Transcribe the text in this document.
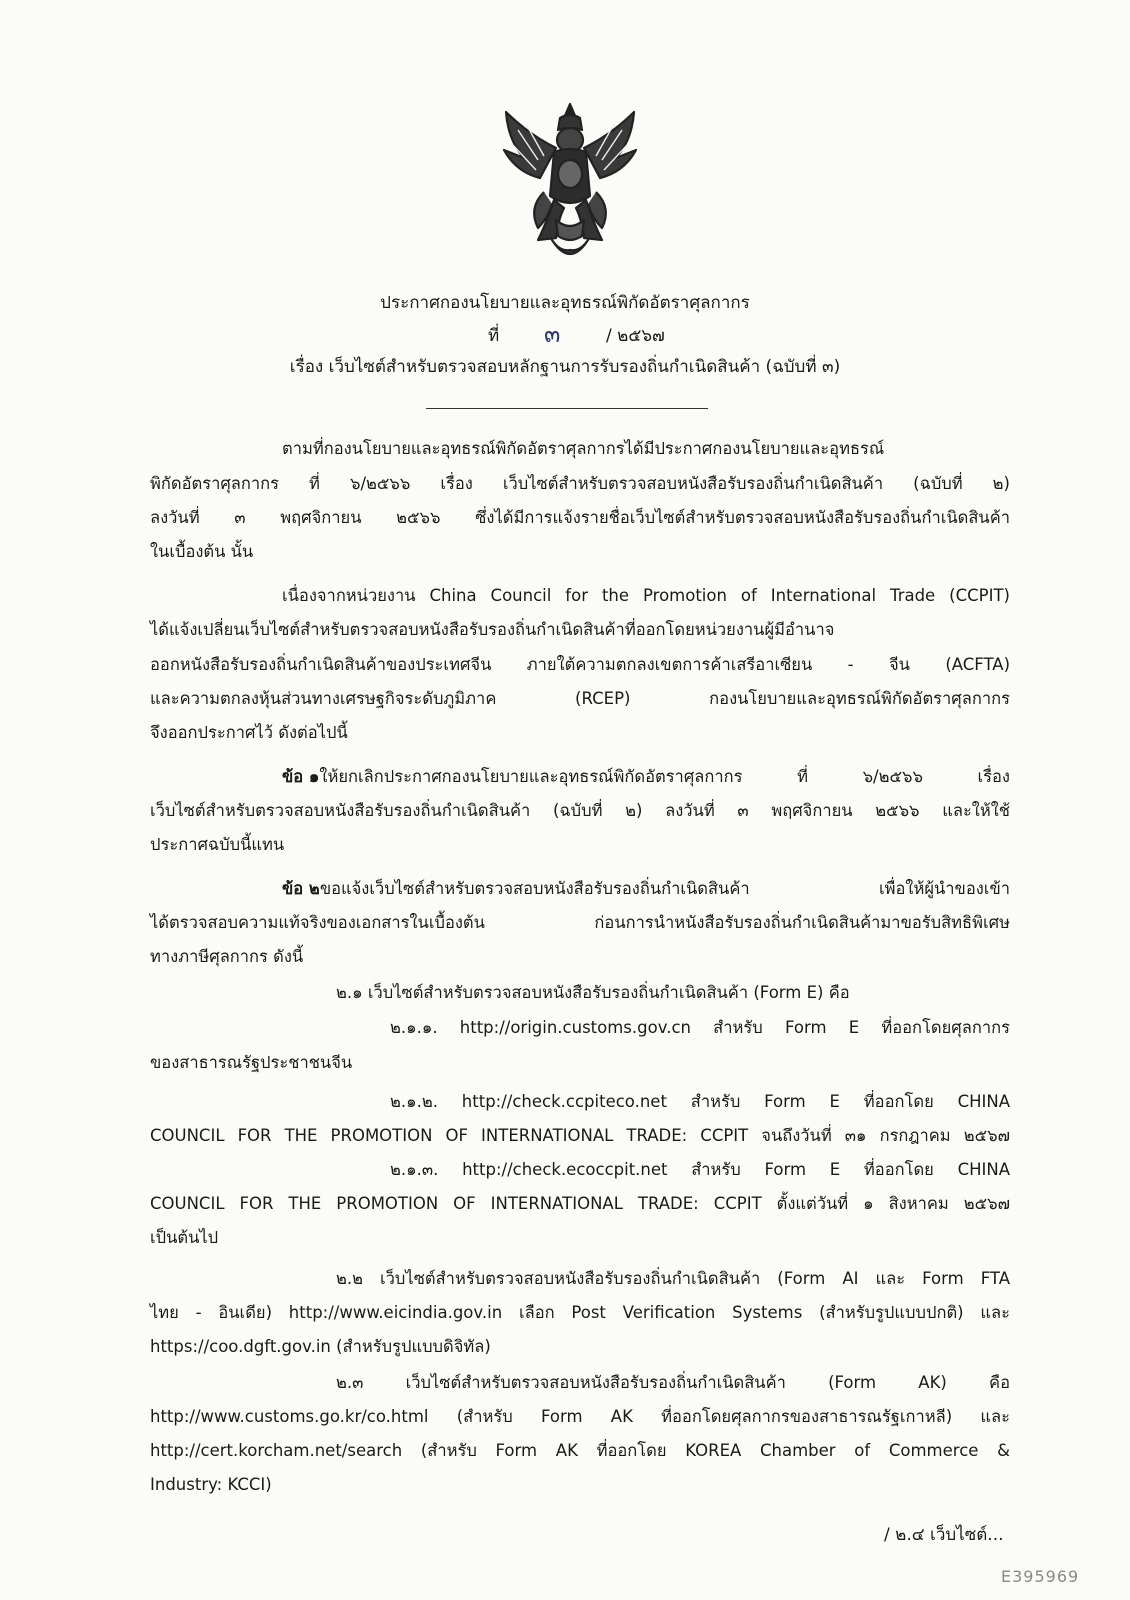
ประกาศกองนโยบายและอุทธรณ์พิกัดอัตราศุลกากร
ที่ ๓	/ ๒๕๖๗
เรื่อง เว็บไซต์สำหรับตรวจสอบหลักฐานการรับรองถิ่นกำเนิดสินค้า (ฉบับที่ ๓)
ตามที่กองนโยบายและอุทธรณ์พิกัดอัตราศุลกากรได้มีประกาศกองนโยบายและอุทธรณ์
พิกัดอัตราศุลกากร ที่ ๖/๒๕๖๖ เรื่อง เว็บไซต์สำหรับตรวจสอบหนังสือรับรองถิ่นกำเนิดสินค้า (ฉบับที่ ๒)
ลงวันที่ ๓ พฤศจิกายน ๒๕๖๖ ซึ่งได้มีการแจ้งรายชื่อเว็บไซต์สำหรับตรวจสอบหนังสือรับรองถิ่นกำเนิดสินค้า
ในเบื้องต้น นั้น
เนื่องจากหน่วยงาน China Council for the Promotion of International Trade (CCPIT)
ได้แจ้งเปลี่ยนเว็บไซต์สำหรับตรวจสอบหนังสือรับรองถิ่นกำเนิดสินค้าที่ออกโดยหน่วยงานผู้มีอำนาจ
ออกหนังสือรับรองถิ่นกำเนิดสินค้าของประเทศจีน ภายใต้ความตกลงเขตการค้าเสรีอาเซียน - จีน (ACFTA)
และความตกลงหุ้นส่วนทางเศรษฐกิจระดับภูมิภาค (RCEP) กองนโยบายและอุทธรณ์พิกัดอัตราศุลกากร
จึงออกประกาศไว้ ดังต่อไปนี้
ข้อ ๑ ให้ยกเลิกประกาศกองนโยบายและอุทธรณ์พิกัดอัตราศุลกากร ที่ ๖/๒๕๖๖ เรื่อง
เว็บไซต์สำหรับตรวจสอบหนังสือรับรองถิ่นกำเนิดสินค้า (ฉบับที่ ๒) ลงวันที่ ๓ พฤศจิกายน ๒๕๖๖ และให้ใช้
ประกาศฉบับนี้แทน
ข้อ ๒ ขอแจ้งเว็บไซต์สำหรับตรวจสอบหนังสือรับรองถิ่นกำเนิดสินค้า เพื่อให้ผู้นำของเข้า
ได้ตรวจสอบความแท้จริงของเอกสารในเบื้องต้น ก่อนการนำหนังสือรับรองถิ่นกำเนิดสินค้ามาขอรับสิทธิพิเศษ
ทางภาษีศุลกากร ดังนี้
๒.๑ เว็บไซต์สำหรับตรวจสอบหนังสือรับรองถิ่นกำเนิดสินค้า (Form E) คือ
๒.๑.๑. http://origin.customs.gov.cn สำหรับ Form E ที่ออกโดยศุลกากร
ของสาธารณรัฐประชาชนจีน
๒.๑.๒. http://check.ccpiteco.net สำหรับ Form E ที่ออกโดย CHINA
COUNCIL FOR THE PROMOTION OF INTERNATIONAL TRADE: CCPIT จนถึงวันที่ ๓๑ กรกฎาคม ๒๕๖๗
๒.๑.๓. http://check.ecoccpit.net สำหรับ Form E ที่ออกโดย CHINA
COUNCIL FOR THE PROMOTION OF INTERNATIONAL TRADE: CCPIT ตั้งแต่วันที่ ๑ สิงหาคม ๒๕๖๗
เป็นต้นไป
๒.๒ เว็บไซต์สำหรับตรวจสอบหนังสือรับรองถิ่นกำเนิดสินค้า (Form AI และ Form FTA
ไทย - อินเดีย) http://www.eicindia.gov.in เลือก Post Verification Systems (สำหรับรูปแบบปกติ) และ
https://coo.dgft.gov.in (สำหรับรูปแบบดิจิทัล)
๒.๓ เว็บไซต์สำหรับตรวจสอบหนังสือรับรองถิ่นกำเนิดสินค้า (Form AK) คือ
http://www.customs.go.kr/co.html (สำหรับ Form AK ที่ออกโดยศุลกากรของสาธารณรัฐเกาหลี) และ
http://cert.korcham.net/search (สำหรับ Form AK ที่ออกโดย KOREA Chamber of Commerce &
Industry: KCCI)
/ ๒.๔ เว็บไซต์...
E395969
